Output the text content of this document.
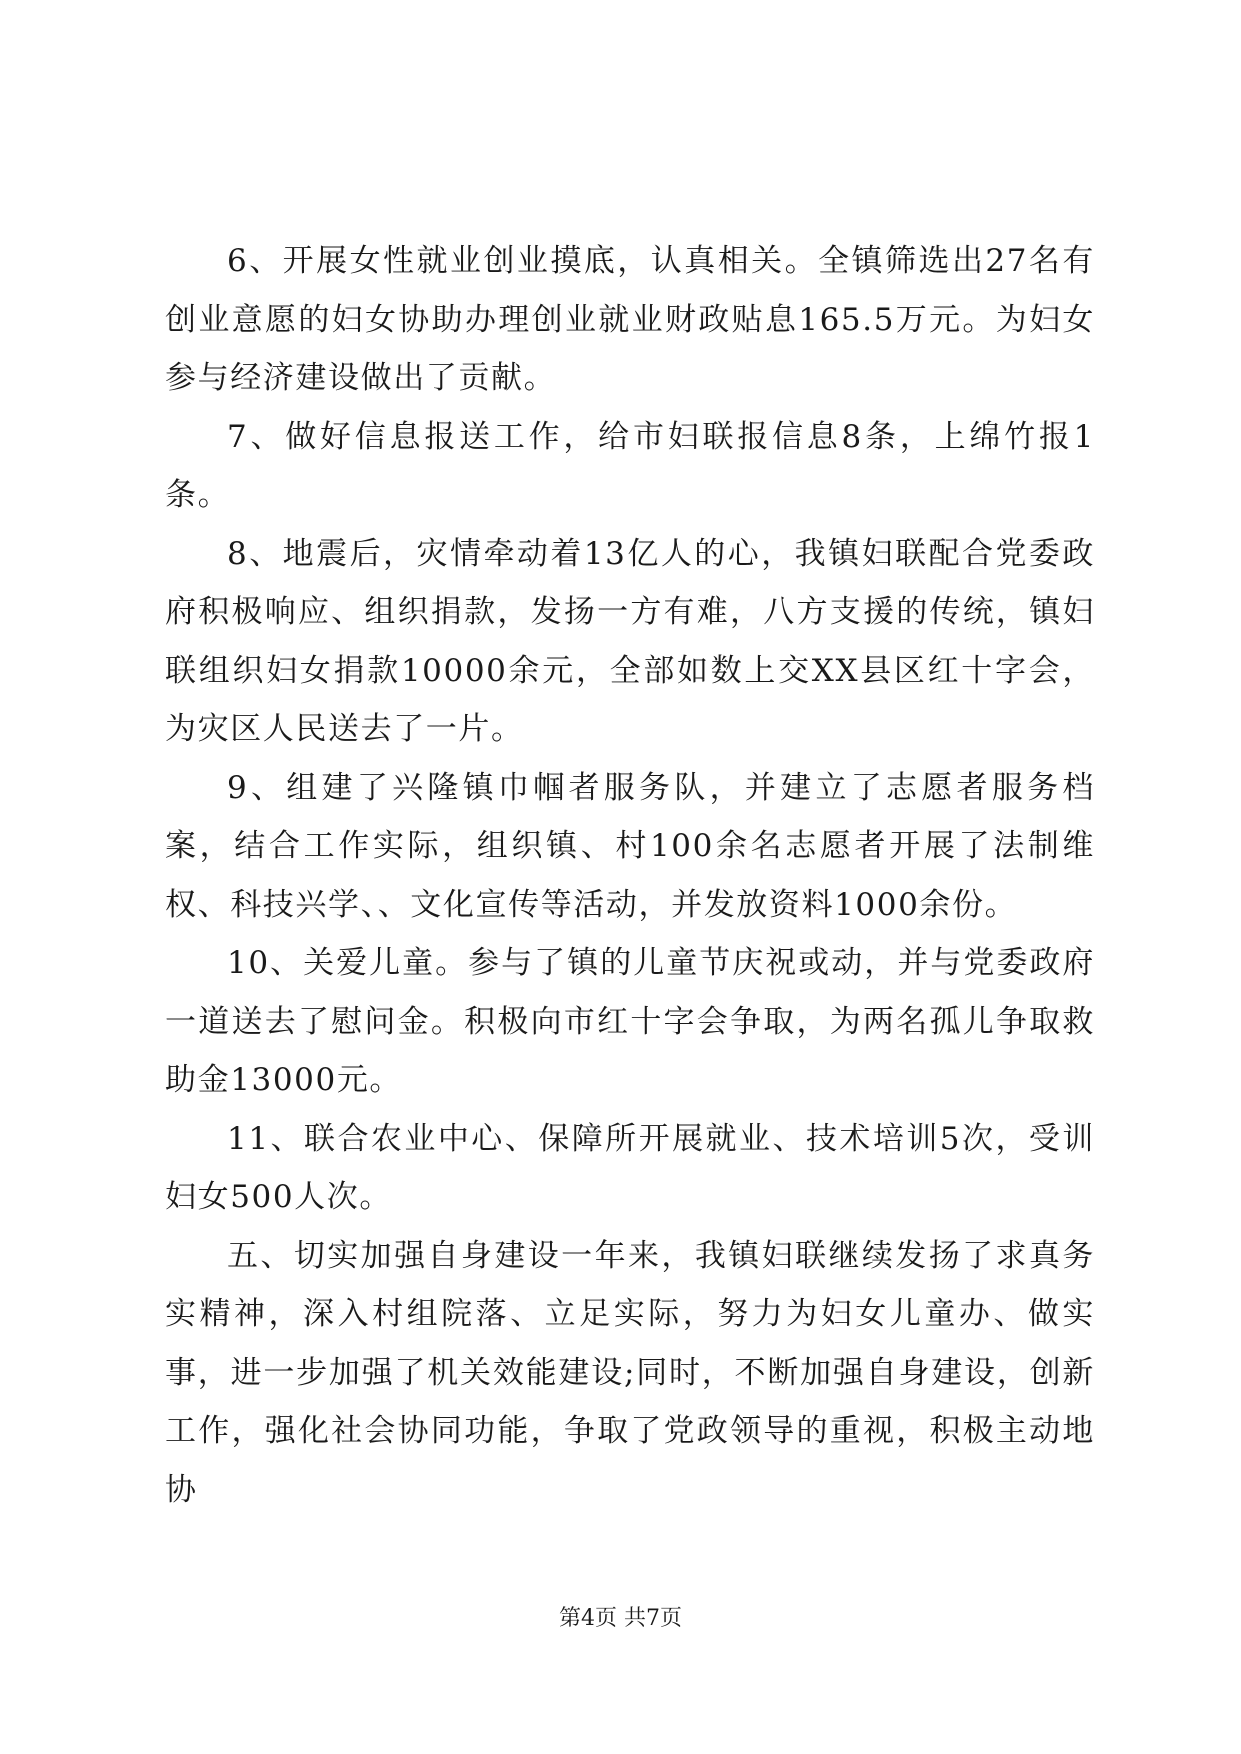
6、开展女性就业创业摸底，认真相关。全镇筛选出27名有创业意愿的妇女协助办理创业就业财政贴息165.5万元。为妇女参与经济建设做出了贡献。

7、做好信息报送工作，给市妇联报信息8条，上绵竹报1条。

8、地震后，灾情牵动着13亿人的心，我镇妇联配合党委政府积极响应、组织捐款，发扬一方有难，八方支援的传统，镇妇联组织妇女捐款10000余元，全部如数上交XX县区红十字会，为灾区人民送去了一片。

9、组建了兴隆镇巾帼者服务队，并建立了志愿者服务档案，结合工作实际，组织镇、村100余名志愿者开展了法制维权、科技兴学、、文化宣传等活动，并发放资料1000余份。

10、关爱儿童。参与了镇的儿童节庆祝或动，并与党委政府一道送去了慰问金。积极向市红十字会争取，为两名孤儿争取救助金13000元。

11、联合农业中心、保障所开展就业、技术培训5次，受训妇女500人次。

五、切实加强自身建设一年来，我镇妇联继续发扬了求真务实精神，深入村组院落、立足实际，努力为妇女儿童办、做实事，进一步加强了机关效能建设;同时，不断加强自身建设，创新工作，强化社会协同功能，争取了党政领导的重视，积极主动地协

第4页 共7页
